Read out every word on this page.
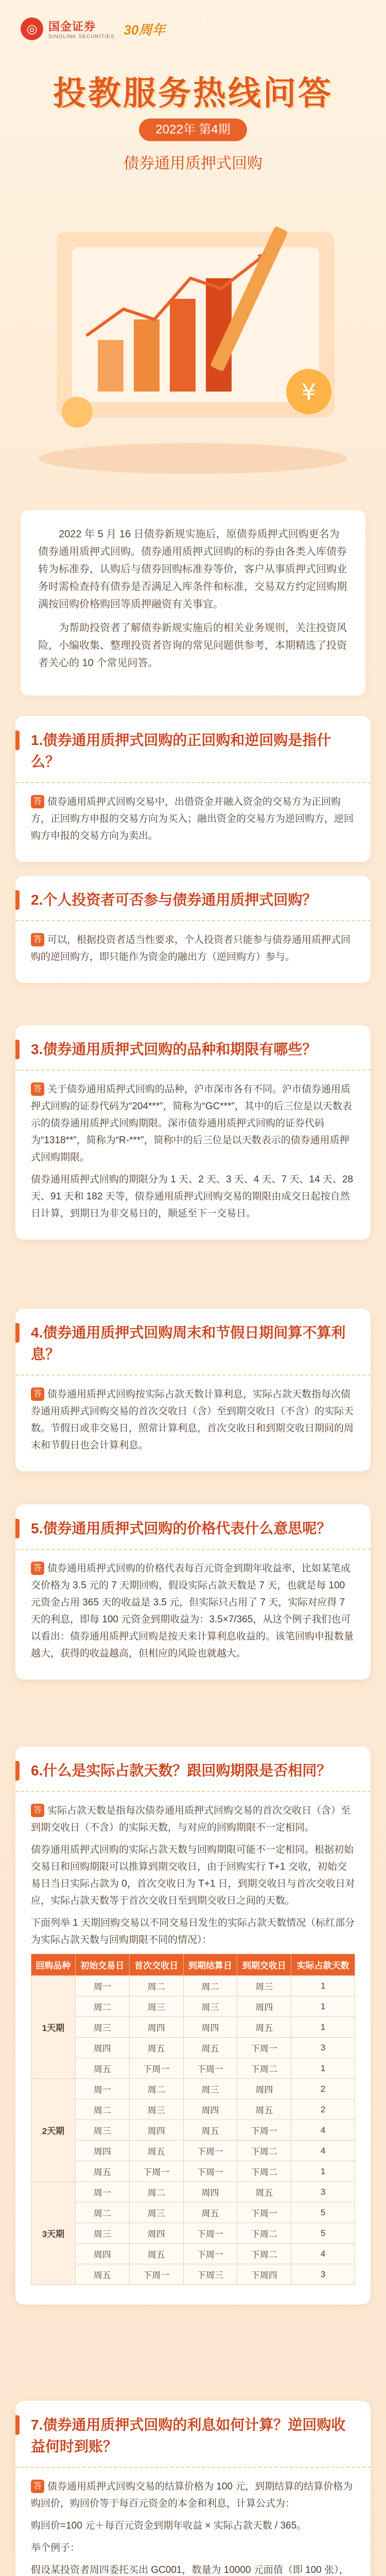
◎ 国金证券
SINOLINK SECURITIES 30周年
投教服务热线问答
2022年 第4期
债券通用质押式回购
¥

2022 年 5 月 16 日债券新规实施后，原债券质押式回购更名为债券通用质押式回购。债券通用质押式回购的标的券由各类入库债券转为标准券，认购后与债券回购标准券等价，客户从事质押式回购业务时需检查持有债券是否满足入库条件和标准，交易双方约定回购期满按回购价格购回等质押融资有关事宜。

为帮助投资者了解债券新规实施后的相关业务规则，关注投资风险，小编收集、整理投资者咨询的常见问题供参考，本期精选了投资者关心的 10 个常见问答。

1.债券通用质押式回购的正回购和逆回购是指什么？

答 债券通用质押式回购交易中，出借资金并融入资金的交易方为正回购方，正回购方申报的交易方向为买入；融出资金的交易方为逆回购方，逆回购方申报的交易方向为卖出。

2.个人投资者可否参与债券通用质押式回购？

答 可以，根据投资者适当性要求，个人投资者只能参与债券通用质押式回购的逆回购方，即只能作为资金的融出方（逆回购方）参与。

3.债券通用质押式回购的品种和期限有哪些？

答 关于债券通用质押式回购的品种，沪市深市各有不同。沪市债券通用质押式回购的证券代码为“204***”，简称为“GC***”，其中的后三位是以天数表示的债券通用质押式回购期限。深市债券通用质押式回购的证券代码为“1318**”，简称为“R-***”，简称中的后三位是以天数表示的债券通用质押式回购期限。

债券通用质押式回购的期限分为 1 天、2 天、3 天、4 天、7 天、14 天、28 天、91 天和 182 天等，债券通用质押式回购交易的期限由成交日起按自然日计算，到期日为非交易日的，顺延至下一交易日。

4.债券通用质押式回购周末和节假日期间算不算利息？

答 债券通用质押式回购按实际占款天数计算利息，实际占款天数指每次债券通用质押式回购交易的首次交收日（含）至到期交收日（不含）的实际天数。节假日或非交易日，照常计算利息，首次交收日和到期交收日期间的周末和节假日也会计算利息。

5.债券通用质押式回购的价格代表什么意思呢？

答 债券通用质押式回购的价格代表每百元资金到期年收益率，比如某笔成交价格为 3.5 元的 7 天期回购，假设实际占款天数是 7 天，也就是每 100 元资金占用 365 天的收益是 3.5 元，但实际只占用了 7 天，实际对应得 7 天的利息，即每 100 元资金到期收益为：3.5×7/365，从这个例子我们也可以看出：债券通用质押式回购是按天来计算利息收益的。该笔回购申报数量越大，获得的收益越高，但相应的风险也就越大。

6.什么是实际占款天数？跟回购期限是否相同？

答 实际占款天数是指每次债券通用质押式回购交易的首次交收日（含）至到期交收日（不含）的实际天数，与对应的回购期限不一定相同。

债券通用质押式回购的实际占款天数与回购期限可能不一定相同。根据初始交易日和回购期限可以推算到期交收日，由于回购实行 T+1 交收，初始交易日当日实际占款为 0，首次交收日为 T+1 日，到期交收日与首次交收日对应，实际占款天数等于首次交收日至到期交收日之间的天数。

下面列举 1 天期回购交易以不同交易日发生的实际占款天数情况（标红部分为实际占款天数与回购期限不同的情况）：

回购品种	初始交易日	首次交收日	到期结算日	到期交收日	实际占款天数
1天期	周一	周二	周二	周三	1
	周二	周三	周三	周四	1
	周三	周四	周四	周五	1
	周四	周五	周五	下周一	3
	周五	下周一	下周一	下周二	1
2天期	周一	周二	周三	周四	2
	周二	周三	周四	周五	2
	周三	周四	周五	下周一	4
	周四	周五	下周一	下周二	4
	周五	下周一	下周一	下周二	1
3天期	周一	周二	周四	周五	3
	周二	周三	周五	下周一	5
	周三	周四	下周一	下周二	5
	周四	周五	下周一	下周二	4
	周五	下周一	下周三	下周四	3
7.债券通用质押式回购的利息如何计算？逆回购收益何时到账？

答 债券通用质押式回购交易的结算价格为 100 元，到期结算的结算价格为购回价，购回价等于每百元资金的本金和利息，计算公式为：

购回价=100 元＋每百元资金到期年收益 × 实际占款天数 / 365。

举个例子：

假设某投资者周四委托买出 GC001，数量为 10000 元面值（即 100 张），
